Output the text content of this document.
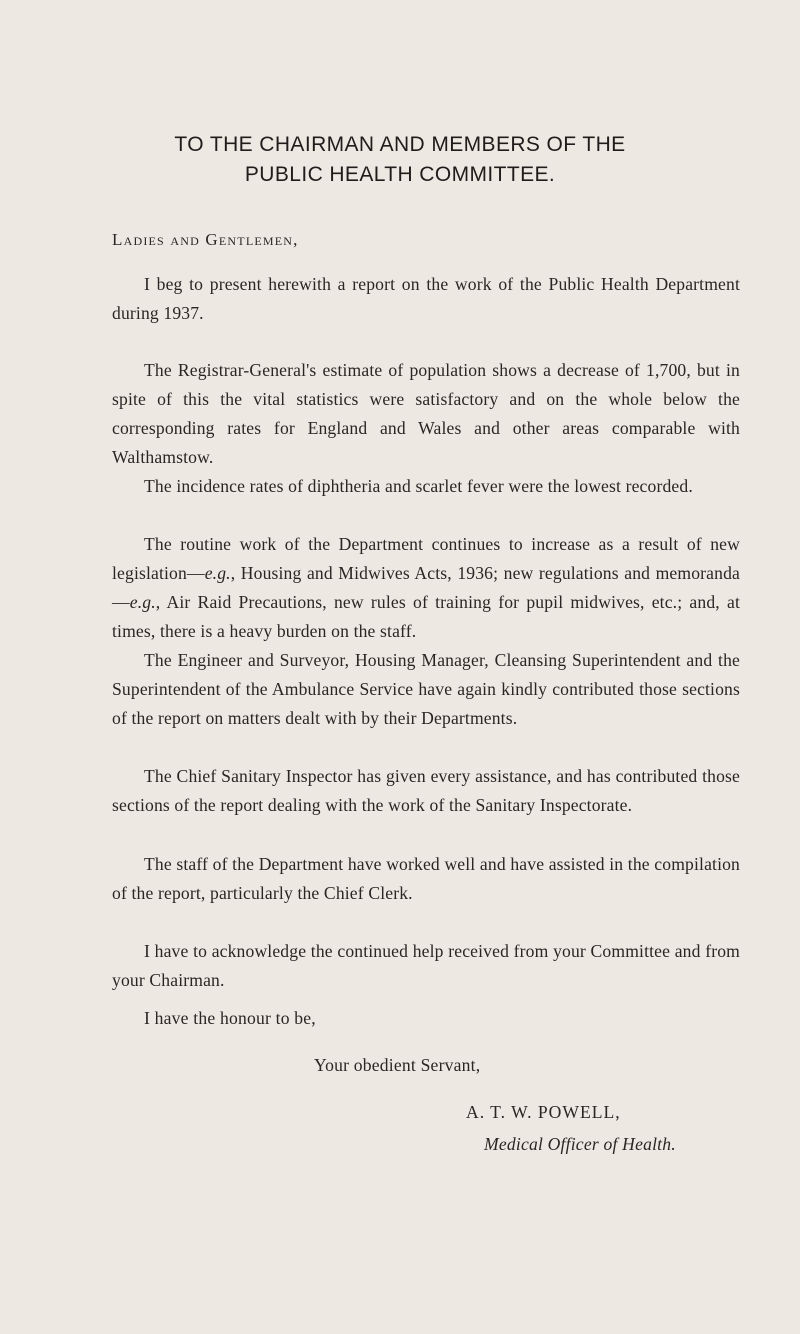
TO THE CHAIRMAN AND MEMBERS OF THE
PUBLIC HEALTH COMMITTEE.
Ladies and Gentlemen,

I beg to present herewith a report on the work of the Public Health Department during 1937.

The Registrar-General's estimate of population shows a decrease of 1,700, but in spite of this the vital statistics were satisfactory and on the whole below the corresponding rates for England and Wales and other areas comparable with Walthamstow.

The incidence rates of diphtheria and scarlet fever were the lowest recorded.

The routine work of the Department continues to increase as a result of new legislation—e.g., Housing and Midwives Acts, 1936; new regulations and memoranda—e.g., Air Raid Precautions, new rules of training for pupil midwives, etc.; and, at times, there is a heavy burden on the staff.

The Engineer and Surveyor, Housing Manager, Cleansing Superintendent and the Superintendent of the Ambulance Service have again kindly contributed those sections of the report on matters dealt with by their Departments.

The Chief Sanitary Inspector has given every assistance, and has contributed those sections of the report dealing with the work of the Sanitary Inspectorate.

The staff of the Department have worked well and have assisted in the compilation of the report, particularly the Chief Clerk.

I have to acknowledge the continued help received from your Committee and from your Chairman.

I have the honour to be,
Your obedient Servant,
A. T. W. POWELL,
Medical Officer of Health.
